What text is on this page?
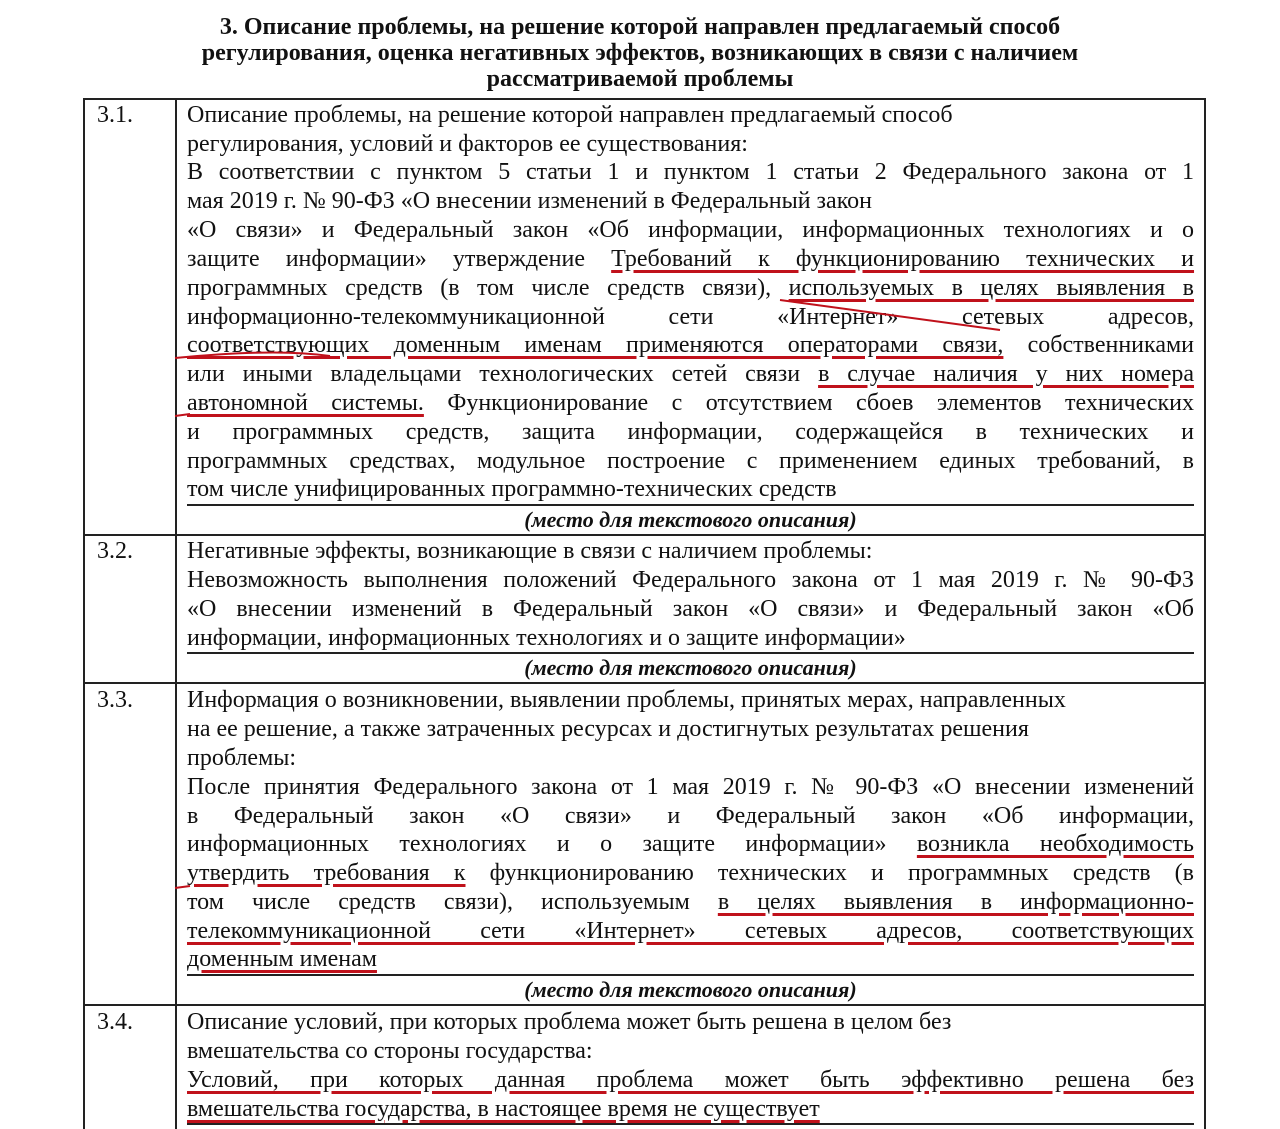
3. Описание проблемы, на решение которой направлен предлагаемый способ
регулирования, оценка негативных эффектов, возникающих в связи с наличием
рассматриваемой проблемы
3.1. Описание проблемы, на решение которой направлен предлагаемый способ
регулирования, условий и факторов ее существования:
В соответствии с пунктом 5 статьи 1 и пунктом 1 статьи 2 Федерального закона от 1
мая 2019 г. № 90-ФЗ «О внесении изменений в Федеральный закон
«О связи» и Федеральный закон «Об информации, информационных технологиях и о
защите информации» утверждение Требований к функционированию технических и
программных средств (в том числе средств связи), используемых в целях выявления в
информационно-телекоммуникационной сети «Интернет» сетевых адресов,
соответствующих доменным именам применяются операторами связи, собственниками
или иными владельцами технологических сетей связи в случае наличия у них номера
автономной системы. Функционирование с отсутствием сбоев элементов технических
и программных средств, защита информации, содержащейся в технических и
программных средствах, модульное построение с применением единых требований, в
том числе унифицированных программно-технических средств
(место для текстового описания)
3.2. Негативные эффекты, возникающие в связи с наличием проблемы:
Невозможность выполнения положений Федерального закона от 1 мая 2019 г. № 90-ФЗ
«О внесении изменений в Федеральный закон «О связи» и Федеральный закон «Об
информации, информационных технологиях и о защите информации»
(место для текстового описания)
3.3. Информация о возникновении, выявлении проблемы, принятых мерах, направленных
на ее решение, а также затраченных ресурсах и достигнутых результатах решения
проблемы:
После принятия Федерального закона от 1 мая 2019 г. № 90-ФЗ «О внесении изменений
в Федеральный закон «О связи» и Федеральный закон «Об информации,
информационных технологиях и о защите информации» возникла необходимость
утвердить требования к функционированию технических и программных средств (в
том числе средств связи), используемым в целях выявления в информационно-
телекоммуникационной сети «Интернет» сетевых адресов, соответствующих
доменным именам
(место для текстового описания)
3.4. Описание условий, при которых проблема может быть решена в целом без
вмешательства со стороны государства:
Условий, при которых данная проблема может быть эффективно решена без
вмешательства государства, в настоящее время не существует
